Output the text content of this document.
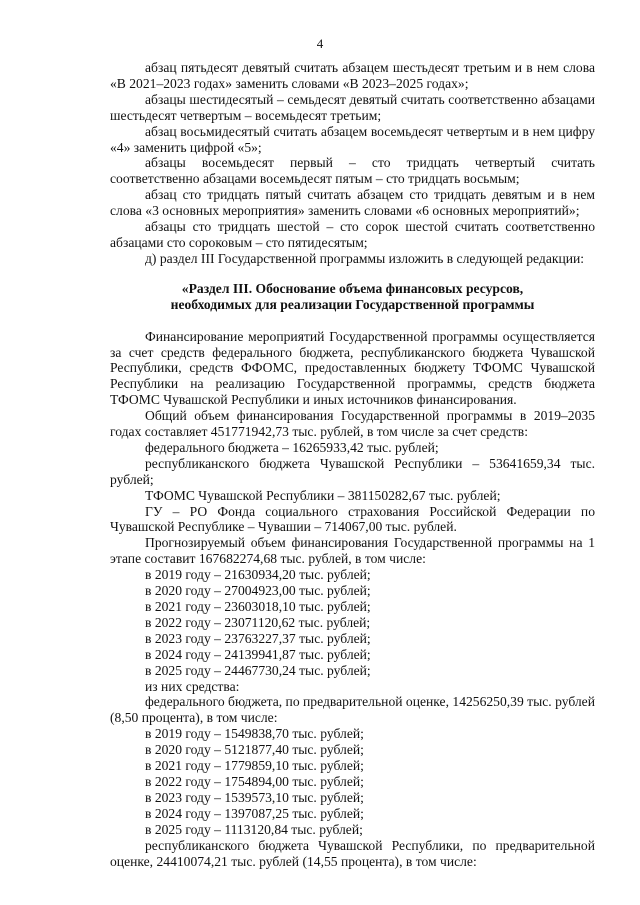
4

абзац пятьдесят девятый считать абзацем шестьдесят третьим и в нем слова «В 2021–2023 годах» заменить словами «В 2023–2025 годах»;

абзацы шестидесятый – семьдесят девятый считать соответственно абзацами шестьдесят четвертым – восемьдесят третьим;

абзац восьмидесятый считать абзацем восемьдесят четвертым и в нем цифру «4» заменить цифрой «5»;

абзацы восемьдесят первый – сто тридцать четвертый считать соответственно абзацами восемьдесят пятым – сто тридцать восьмым;

абзац сто тридцать пятый считать абзацем сто тридцать девятым и в нем слова «3 основных мероприятия» заменить словами «6 основных мероприятий»;

абзацы сто тридцать шестой – сто сорок шестой считать соответственно абзацами сто сороковым – сто пятидесятым;

д) раздел III Государственной программы изложить в следующей редакции:

«Раздел III. Обоснование объема финансовых ресурсов,
необходимых для реализации Государственной программы

Финансирование мероприятий Государственной программы осуществляется за счет средств федерального бюджета, республиканского бюджета Чувашской Республики, средств ФФОМС, предоставленных бюджету ТФОМС Чувашской Республики на реализацию Государственной программы, средств бюджета ТФОМС Чувашской Республики и иных источников финансирования.

Общий объем финансирования Государственной программы в 2019–2035 годах составляет 451771942,73 тыс. рублей, в том числе за счет средств:

федерального бюджета – 16265933,42 тыс. рублей;

республиканского бюджета Чувашской Республики – 53641659,34 тыс. рублей;

ТФОМС Чувашской Республики – 381150282,67 тыс. рублей;

ГУ – РО Фонда социального страхования Российской Федерации по Чувашской Республике – Чувашии – 714067,00 тыс. рублей.

Прогнозируемый объем финансирования Государственной программы на 1 этапе составит 167682274,68 тыс. рублей, в том числе:

в 2019 году – 21630934,20 тыс. рублей;

в 2020 году – 27004923,00 тыс. рублей;

в 2021 году – 23603018,10 тыс. рублей;

в 2022 году – 23071120,62 тыс. рублей;

в 2023 году – 23763227,37 тыс. рублей;

в 2024 году – 24139941,87 тыс. рублей;

в 2025 году – 24467730,24 тыс. рублей;

из них средства:

федерального бюджета, по предварительной оценке, 14256250,39 тыс. рублей (8,50 процента), в том числе:

в 2019 году – 1549838,70 тыс. рублей;

в 2020 году – 5121877,40 тыс. рублей;

в 2021 году – 1779859,10 тыс. рублей;

в 2022 году – 1754894,00 тыс. рублей;

в 2023 году – 1539573,10 тыс. рублей;

в 2024 году – 1397087,25 тыс. рублей;

в 2025 году – 1113120,84 тыс. рублей;

республиканского бюджета Чувашской Республики, по предварительной оценке, 24410074,21 тыс. рублей (14,55 процента), в том числе:
